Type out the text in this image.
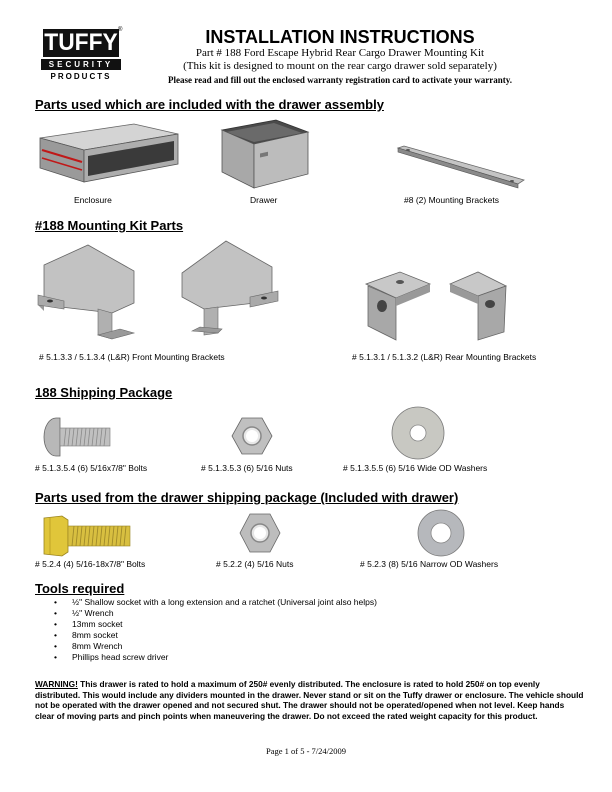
TUFFY ®
SECURITY
PRODUCTS
INSTALLATION INSTRUCTIONS
Part # 188 Ford Escape Hybrid Rear Cargo Drawer Mounting Kit
(This kit is designed to mount on the rear cargo drawer sold separately)
Please read and fill out the enclosed warranty registration card to activate your warranty.
Parts used which are included with the drawer assembly
Enclosure	Drawer	#8 (2) Mounting Brackets
#188 Mounting Kit Parts
# 5.1.3.3 / 5.1.3.4 (L&R) Front Mounting Brackets	# 5.1.3.1 / 5.1.3.2 (L&R) Rear Mounting Brackets
188 Shipping Package
# 5.1.3.5.4 (6) 5/16x7/8" Bolts	# 5.1.3.5.3 (6) 5/16 Nuts	# 5.1.3.5.5 (6) 5/16 Wide OD Washers
Parts used from the drawer shipping package (Included with drawer)
# 5.2.4 (4) 5/16-18x7/8" Bolts	# 5.2.2 (4) 5/16 Nuts	# 5.2.3 (8) 5/16 Narrow OD Washers
Tools required
• ½" Shallow socket with a long extension and a ratchet (Universal joint also helps)
• ½" Wrench
• 13mm socket
• 8mm socket
• 8mm Wrench
• Phillips head screw driver
WARNING! This drawer is rated to hold a maximum of 250# evenly distributed. The enclosure is rated to hold 250# on top evenly distributed. This would include any dividers mounted in the drawer. Never stand or sit on the Tuffy drawer or enclosure. The vehicle should not be operated with the drawer opened and not secured shut. The drawer should not be operated/opened when not level. Keep hands clear of moving parts and pinch points when maneuvering the drawer. Do not exceed the rated weight capacity for this product.
Page 1 of 5 - 7/24/2009
